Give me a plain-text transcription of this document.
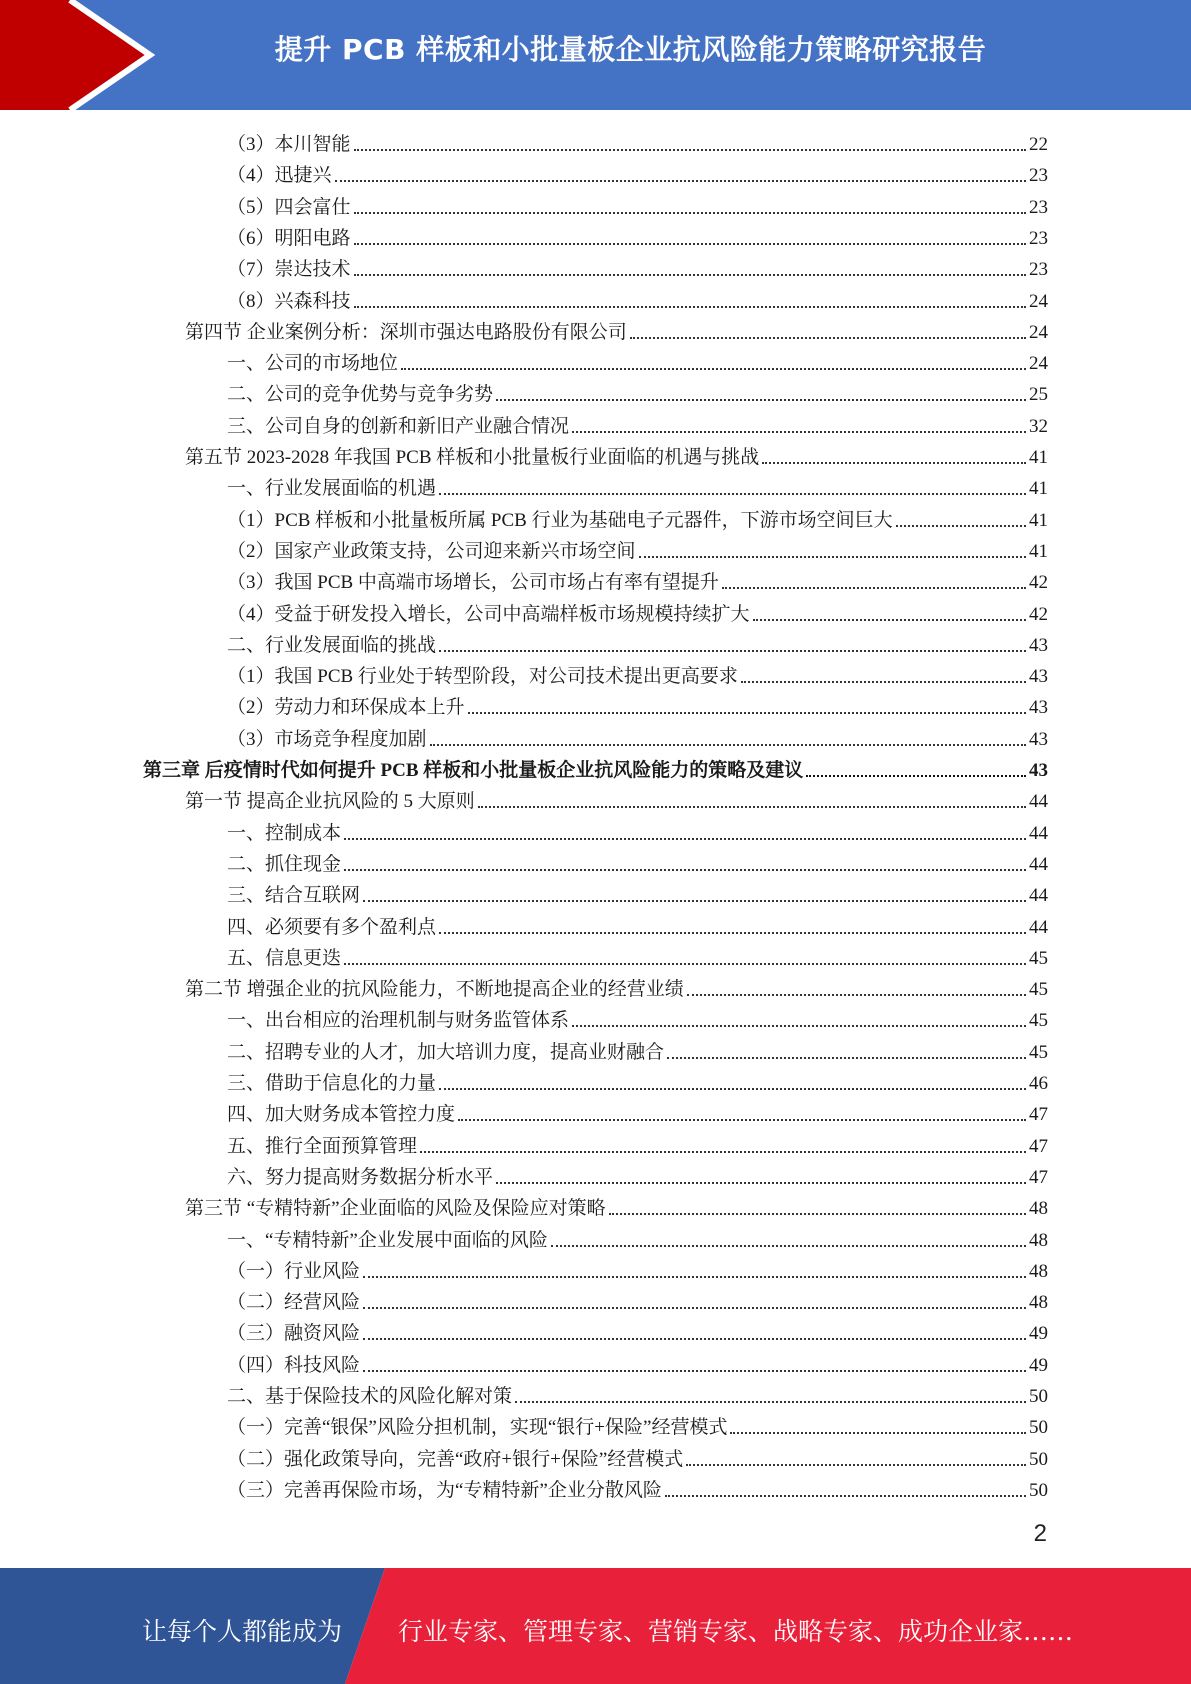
提升 PCB 样板和小批量板企业抗风险能力策略研究报告
（3）本川智能	22
（4）迅捷兴	23
（5）四会富仕	23
（6）明阳电路	23
（7）崇达技术	23
（8）兴森科技	24
第四节 企业案例分析：深圳市强达电路股份有限公司	24
一、公司的市场地位	24
二、公司的竞争优势与竞争劣势	25
三、公司自身的创新和新旧产业融合情况	32
第五节 2023-2028 年我国 PCB 样板和小批量板行业面临的机遇与挑战	41
一、行业发展面临的机遇	41
（1）PCB 样板和小批量板所属 PCB 行业为基础电子元器件，下游市场空间巨大	41
（2）国家产业政策支持，公司迎来新兴市场空间	41
（3）我国 PCB 中高端市场增长，公司市场占有率有望提升	42
（4）受益于研发投入增长，公司中高端样板市场规模持续扩大	42
二、行业发展面临的挑战	43
（1）我国 PCB 行业处于转型阶段，对公司技术提出更高要求	43
（2）劳动力和环保成本上升	43
（3）市场竞争程度加剧	43
第三章 后疫情时代如何提升 PCB 样板和小批量板企业抗风险能力的策略及建议	43
第一节 提高企业抗风险的 5 大原则	44
一、控制成本	44
二、抓住现金	44
三、结合互联网	44
四、必须要有多个盈利点	44
五、信息更迭	45
第二节 增强企业的抗风险能力，不断地提高企业的经营业绩	45
一、出台相应的治理机制与财务监管体系	45
二、招聘专业的人才，加大培训力度，提高业财融合	45
三、借助于信息化的力量	46
四、加大财务成本管控力度	47
五、推行全面预算管理	47
六、努力提高财务数据分析水平	47
第三节 “专精特新”企业面临的风险及保险应对策略	48
一、“专精特新”企业发展中面临的风险	48
（一）行业风险	48
（二）经营风险	48
（三）融资风险	49
（四）科技风险	49
二、基于保险技术的风险化解对策	50
（一）完善“银保”风险分担机制，实现“银行+保险”经营模式	50
（二）强化政策导向，完善“政府+银行+保险”经营模式	50
（三）完善再保险市场，为“专精特新”企业分散风险	50
2
让每个人都能成为 行业专家、管理专家、营销专家、战略专家、成功企业家……
